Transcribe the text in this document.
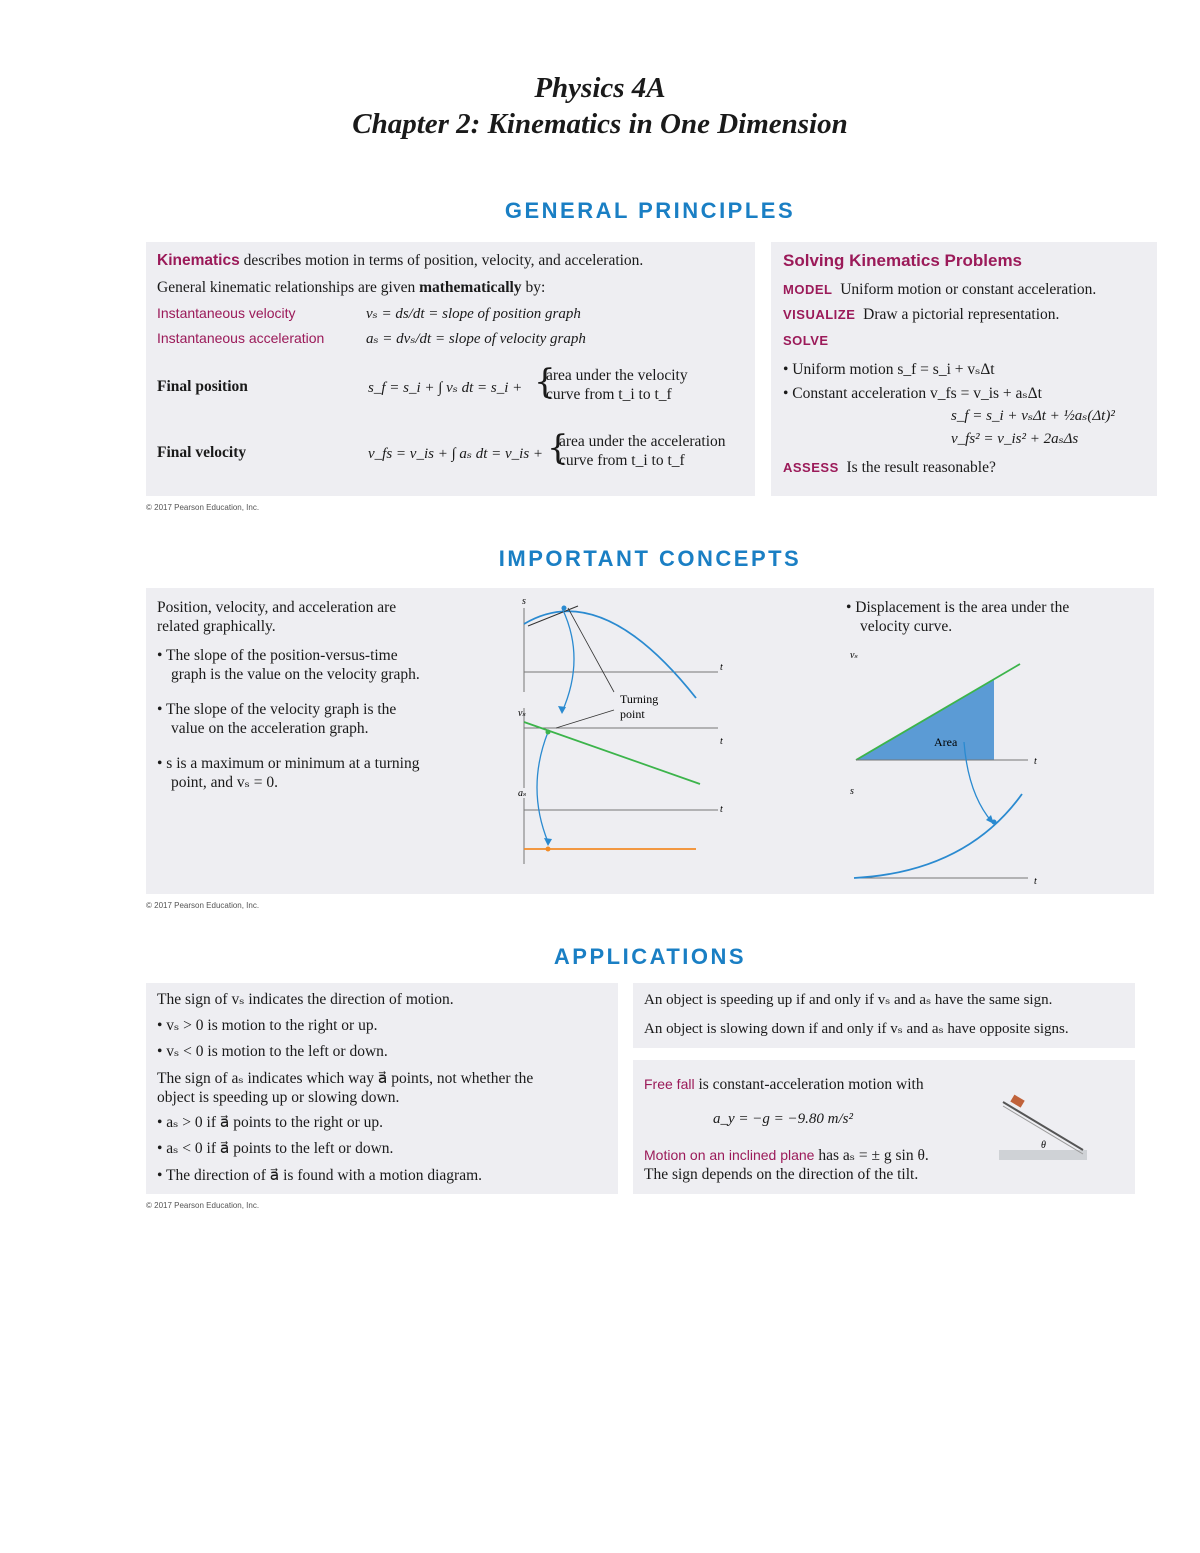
Physics 4A
Chapter 2: Kinematics in One Dimension
GENERAL PRINCIPLES
Kinematics describes motion in terms of position, velocity, and acceleration.
General kinematic relationships are given mathematically by:
Instantaneous velocity	vₛ = ds/dt = slope of position graph
Instantaneous acceleration	aₛ = dvₛ/dt = slope of velocity graph
Final position	s_f = s_i + ∫ vₛ dt = s_i + {
area under the velocity
curve from t_i to t_f
Final velocity	v_fs = v_is + ∫ aₛ dt = v_is + {
area under the acceleration
curve from t_i to t_f
Solving Kinematics Problems
MODEL Uniform motion or constant acceleration.
VISUALIZE Draw a pictorial representation.
SOLVE
• Uniform motion s_f = s_i + vₛΔt
• Constant acceleration v_fs = v_is + aₛΔt
s_f = s_i + vₛΔt + ½aₛ(Δt)²
v_fs² = v_is² + 2aₛΔs
ASSESS Is the result reasonable?
© 2017 Pearson Education, Inc.
IMPORTANT CONCEPTS
Position, velocity, and acceleration are
related graphically.
• The slope of the position-versus-time
graph is the value on the velocity graph.
• The slope of the velocity graph is the
value on the acceleration graph.
• s is a maximum or minimum at a turning
point, and vₛ = 0.
s
t
vₛ
t
aₛ
t
Turning
point
• Displacement is the area under the
velocity curve.
vₛ
t
Area
s
t
© 2017 Pearson Education, Inc.
APPLICATIONS
The sign of vₛ indicates the direction of motion.
• vₛ > 0 is motion to the right or up.
• vₛ < 0 is motion to the left or down.
The sign of aₛ indicates which way a⃗ points, not whether the
object is speeding up or slowing down.
• aₛ > 0 if a⃗ points to the right or up.
• aₛ < 0 if a⃗ points to the left or down.
• The direction of a⃗ is found with a motion diagram.
An object is speeding up if and only if vₛ and aₛ have the same sign.
An object is slowing down if and only if vₛ and aₛ have opposite signs.
Free fall is constant-acceleration motion with
a_y = −g = −9.80 m/s²
Motion on an inclined plane has aₛ = ± g sin θ.
The sign depends on the direction of the tilt.
θ
© 2017 Pearson Education, Inc.
